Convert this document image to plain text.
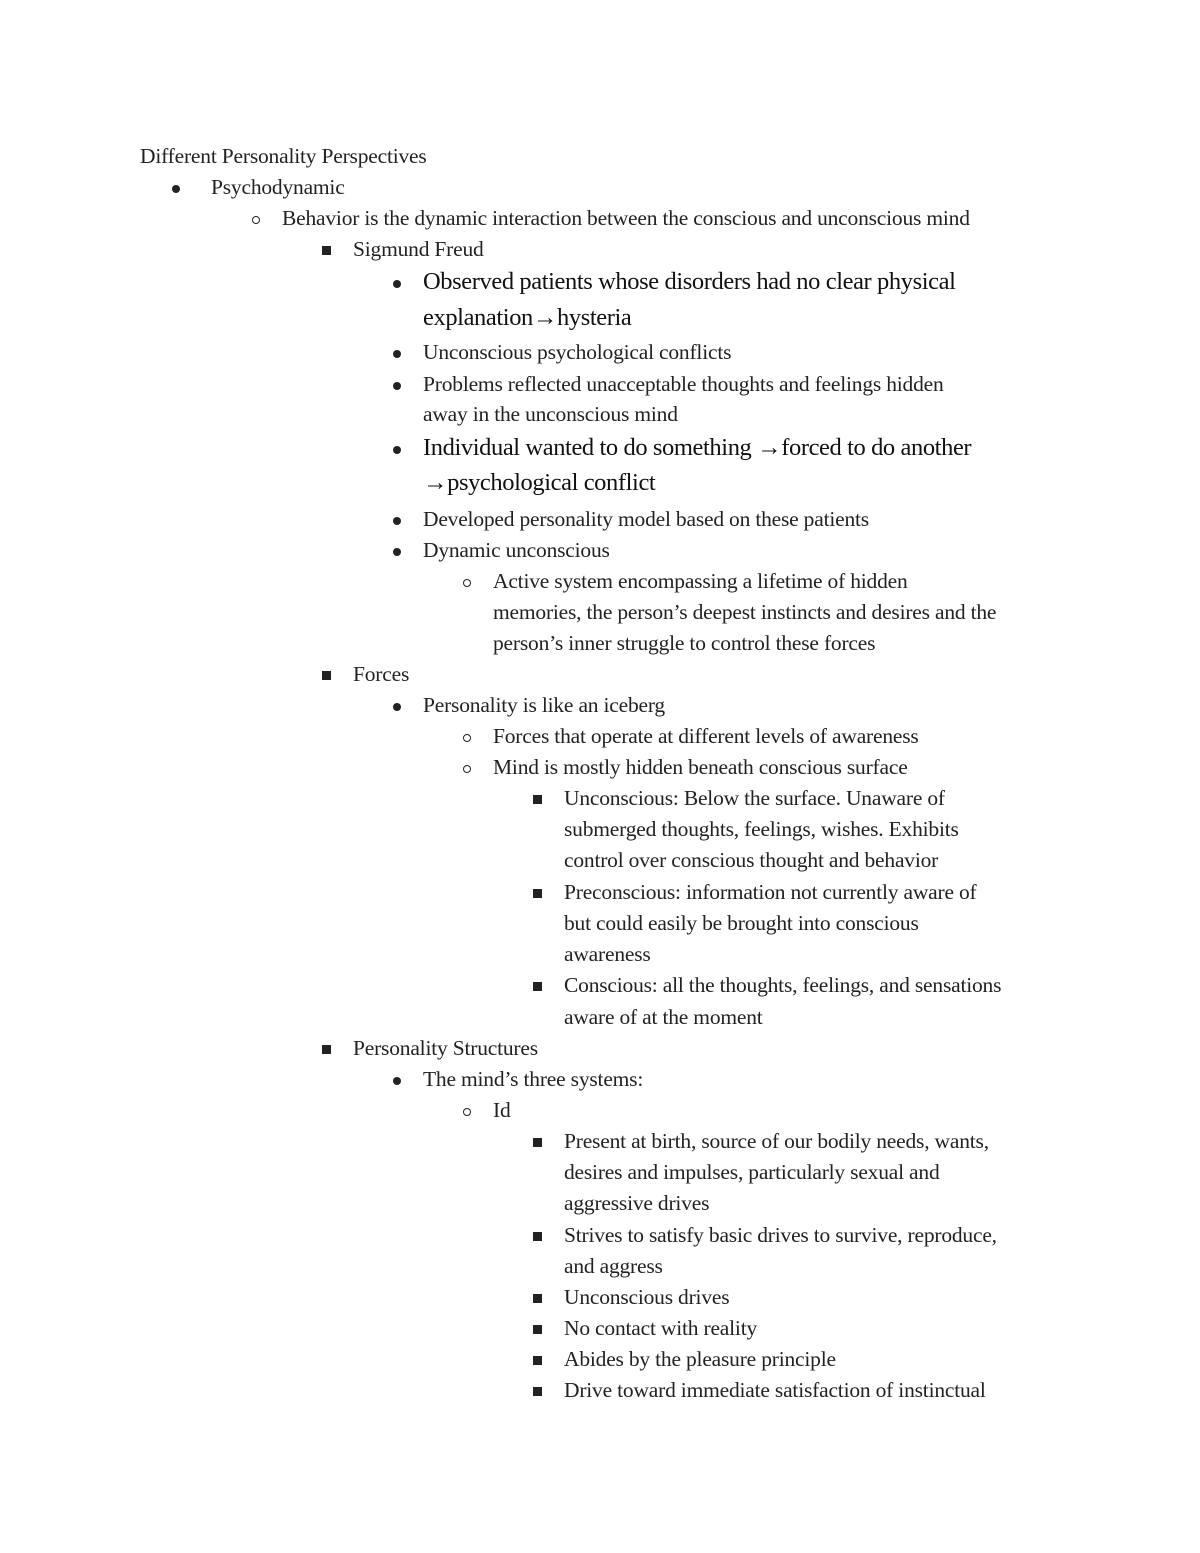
Different Personality Perspectives
Psychodynamic
Behavior is the dynamic interaction between the conscious and unconscious mind
Sigmund Freud
Observed patients whose disorders had no clear physical
explanation→hysteria
Unconscious psychological conflicts
Problems reflected unacceptable thoughts and feelings hidden
away in the unconscious mind
Individual wanted to do something →forced to do another
→psychological conflict
Developed personality model based on these patients
Dynamic unconscious
Active system encompassing a lifetime of hidden
memories, the person’s deepest instincts and desires and the
person’s inner struggle to control these forces
Forces
Personality is like an iceberg
Forces that operate at different levels of awareness
Mind is mostly hidden beneath conscious surface
Unconscious: Below the surface. Unaware of
submerged thoughts, feelings, wishes. Exhibits
control over conscious thought and behavior
Preconscious: information not currently aware of
but could easily be brought into conscious
awareness
Conscious: all the thoughts, feelings, and sensations
aware of at the moment
Personality Structures
The mind’s three systems:
Id
Present at birth, source of our bodily needs, wants,
desires and impulses, particularly sexual and
aggressive drives
Strives to satisfy basic drives to survive, reproduce,
and aggress
Unconscious drives
No contact with reality
Abides by the pleasure principle
Drive toward immediate satisfaction of instinctual
